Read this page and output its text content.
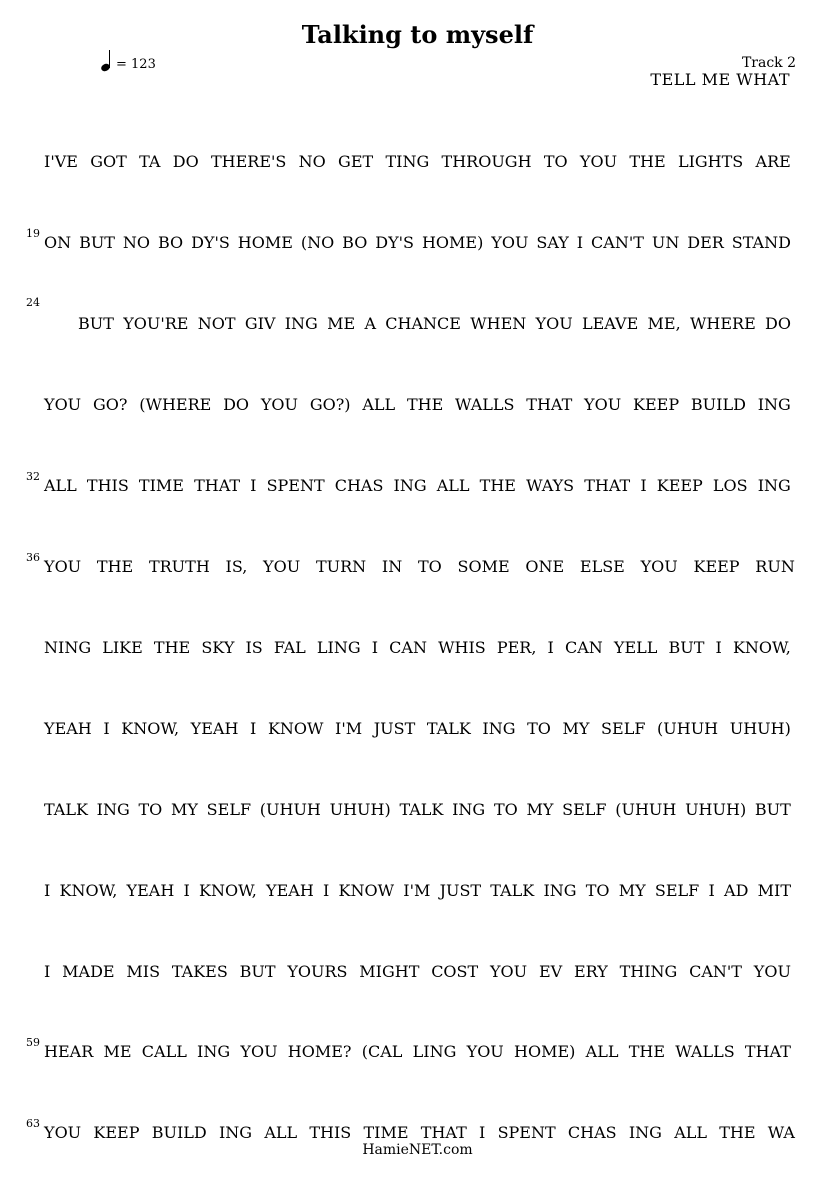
Talking to myself
= 123	Track 2
TELL ME WHAT
I'VE GOT TA DO THERE'S NO GET TING THROUGH TO YOU THE LIGHTS ARE
19 ON BUT NO BO DY'S HOME (NO BO DY'S HOME) YOU SAY I CAN'T UN DER STAND
24
BUT YOU'RE NOT GIV ING ME A CHANCE WHEN YOU LEAVE ME, WHERE DO
YOU GO? (WHERE DO YOU GO?) ALL THE WALLS THAT YOU KEEP BUILD ING
32 ALL THIS TIME THAT I SPENT CHAS ING ALL THE WAYS THAT I KEEP LOS ING
36 YOU THE TRUTH IS, YOU TURN IN TO SOME ONE ELSE YOU KEEP RUN
NING LIKE THE SKY IS FAL LING I CAN WHIS PER, I CAN YELL BUT I KNOW,
YEAH I KNOW, YEAH I KNOW I'M JUST TALK ING TO MY SELF (UHUH UHUH)
TALK ING TO MY SELF (UHUH UHUH) TALK ING TO MY SELF (UHUH UHUH) BUT
I KNOW, YEAH I KNOW, YEAH I KNOW I'M JUST TALK ING TO MY SELF I AD MIT
I MADE MIS TAKES BUT YOURS MIGHT COST YOU EV ERY THING CAN'T YOU
59 HEAR ME CALL ING YOU HOME? (CAL LING YOU HOME) ALL THE WALLS THAT
63 YOU KEEP BUILD ING ALL THIS TIME THAT I SPENT CHAS ING ALL THE WA
HamieNET.com
